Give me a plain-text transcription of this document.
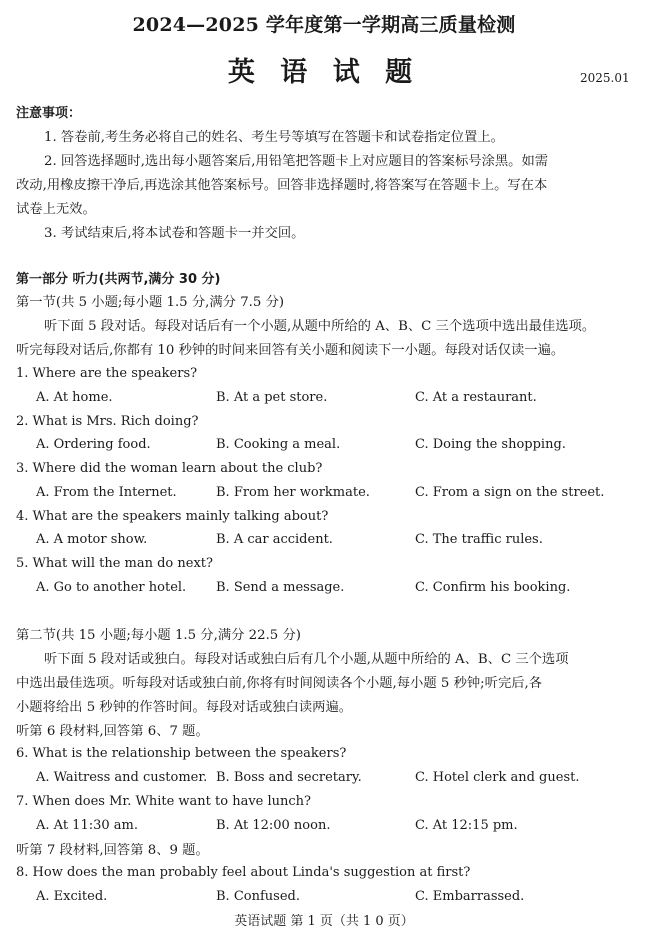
2024—2025 学年度第一学期高三质量检测
英 语 试 题	2025.01
注意事项：
1. 答卷前,考生务必将自己的姓名、考生号等填写在答题卡和试卷指定位置上。
2. 回答选择题时,选出每小题答案后,用铅笔把答题卡上对应题目的答案标号涂黑。如需
改动,用橡皮擦干净后,再选涂其他答案标号。回答非选择题时,将答案写在答题卡上。写在本
试卷上无效。
3. 考试结束后,将本试卷和答题卡一并交回。
第一部分 听力(共两节,满分 30 分)
第一节(共 5 小题;每小题 1.5 分,满分 7.5 分)
听下面 5 段对话。每段对话后有一个小题,从题中所给的 A、B、C 三个选项中选出最佳选项。
听完每段对话后,你都有 10 秒钟的时间来回答有关小题和阅读下一小题。每段对话仅读一遍。
1. Where are the speakers?
A. At home.	B. At a pet store.	C. At a restaurant.
2. What is Mrs. Rich doing?
A. Ordering food.	B. Cooking a meal.	C. Doing the shopping.
3. Where did the woman learn about the club?
A. From the Internet.	B. From her workmate.	C. From a sign on the street.
4. What are the speakers mainly talking about?
A. A motor show.	B. A car accident.	C. The traffic rules.
5. What will the man do next?
A. Go to another hotel. B. Send a message.	C. Confirm his booking.
第二节(共 15 小题;每小题 1.5 分,满分 22.5 分)
听下面 5 段对话或独白。每段对话或独白后有几个小题,从题中所给的 A、B、C 三个选项
中选出最佳选项。听每段对话或独白前,你将有时间阅读各个小题,每小题 5 秒钟;听完后,各
小题将给出 5 秒钟的作答时间。每段对话或独白读两遍。
听第 6 段材料,回答第 6、7 题。
6. What is the relationship between the speakers?
A. Waitress and customer. B. Boss and secretary.	C. Hotel clerk and guest.
7. When does Mr. White want to have lunch?
A. At 11:30 am.	B. At 12:00 noon.	C. At 12:15 pm.
听第 7 段材料,回答第 8、9 题。
8. How does the man probably feel about Linda's suggestion at first?
A. Excited.	B. Confused.	C. Embarrassed.
英语试题 第 1 页（共 1 0 页）
